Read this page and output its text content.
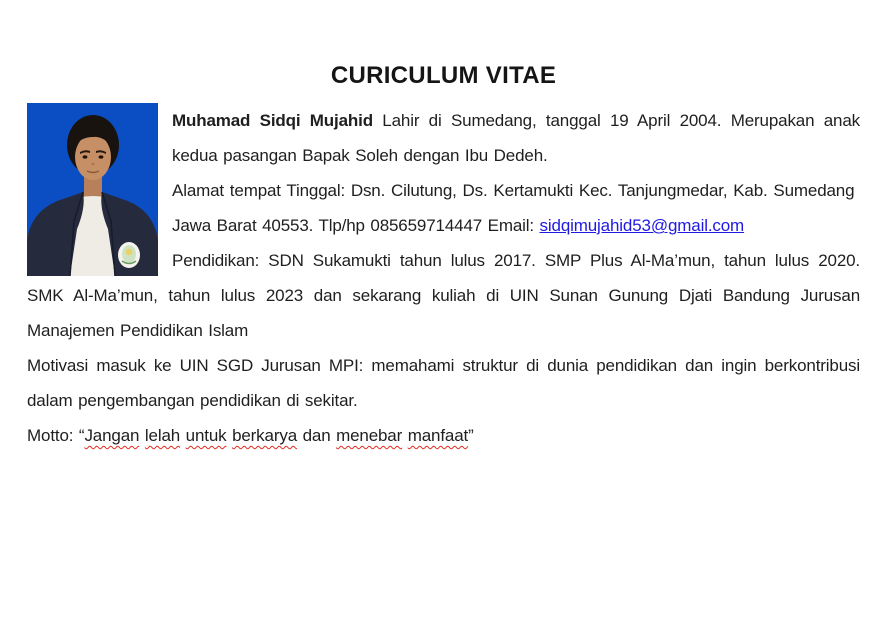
CURICULUM VITAE

Muhamad Sidqi Mujahid Lahir di Sumedang, tanggal 19 April 2004. Merupakan anak kedua pasangan Bapak Soleh dengan Ibu Dedeh.

Alamat tempat Tinggal: Dsn. Cilutung, Ds. Kertamukti Kec. Tanjungmedar, Kab. Sumedang  Jawa Barat 40553. Tlp/hp 085659714447 Email: sidqimujahid53@gmail.com

Pendidikan: SDN Sukamukti tahun lulus 2017. SMP Plus Al-Ma’mun, tahun lulus 2020. SMK Al-Ma’mun, tahun lulus 2023 dan sekarang kuliah di UIN Sunan Gunung Djati Bandung Jurusan Manajemen Pendidikan Islam

Motivasi masuk ke UIN SGD Jurusan MPI: memahami struktur di dunia pendidikan dan ingin berkontribusi dalam pengembangan pendidikan di sekitar.

Motto: “Jangan lelah untuk berkarya dan menebar manfaat”
